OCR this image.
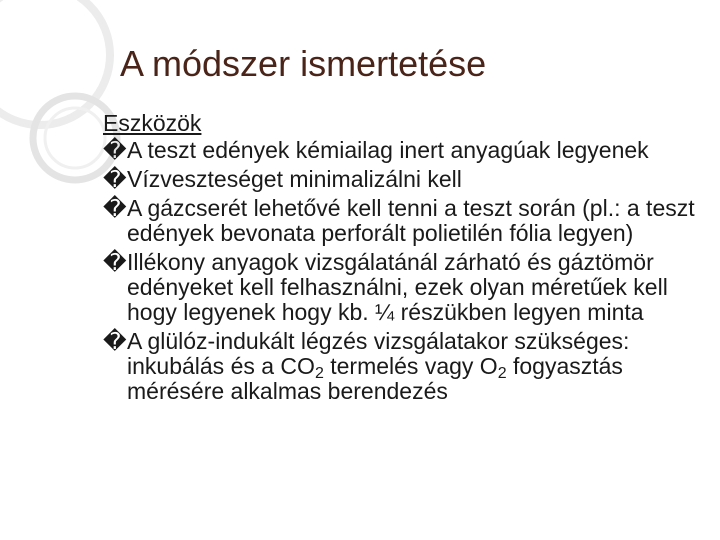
A módszer ismertetése
Eszközök
� A teszt edények kémiailag inert anyagúak legyenek
� Vízveszteséget minimalizálni kell
� A gázcserét lehetővé kell tenni a teszt során (pl.: a teszt edények bevonata perforált polietilén fólia legyen)
� Illékony anyagok vizsgálatánál zárható és gáztömör edényeket kell felhasználni, ezek olyan méretűek kell hogy legyenek hogy kb. ¼ részükben legyen minta
� A glülóz-indukált légzés vizsgálatakor szükséges: inkubálás és a $CO_2$ termelés vagy $O_2$ fogyasztás mérésére alkalmas berendezés
